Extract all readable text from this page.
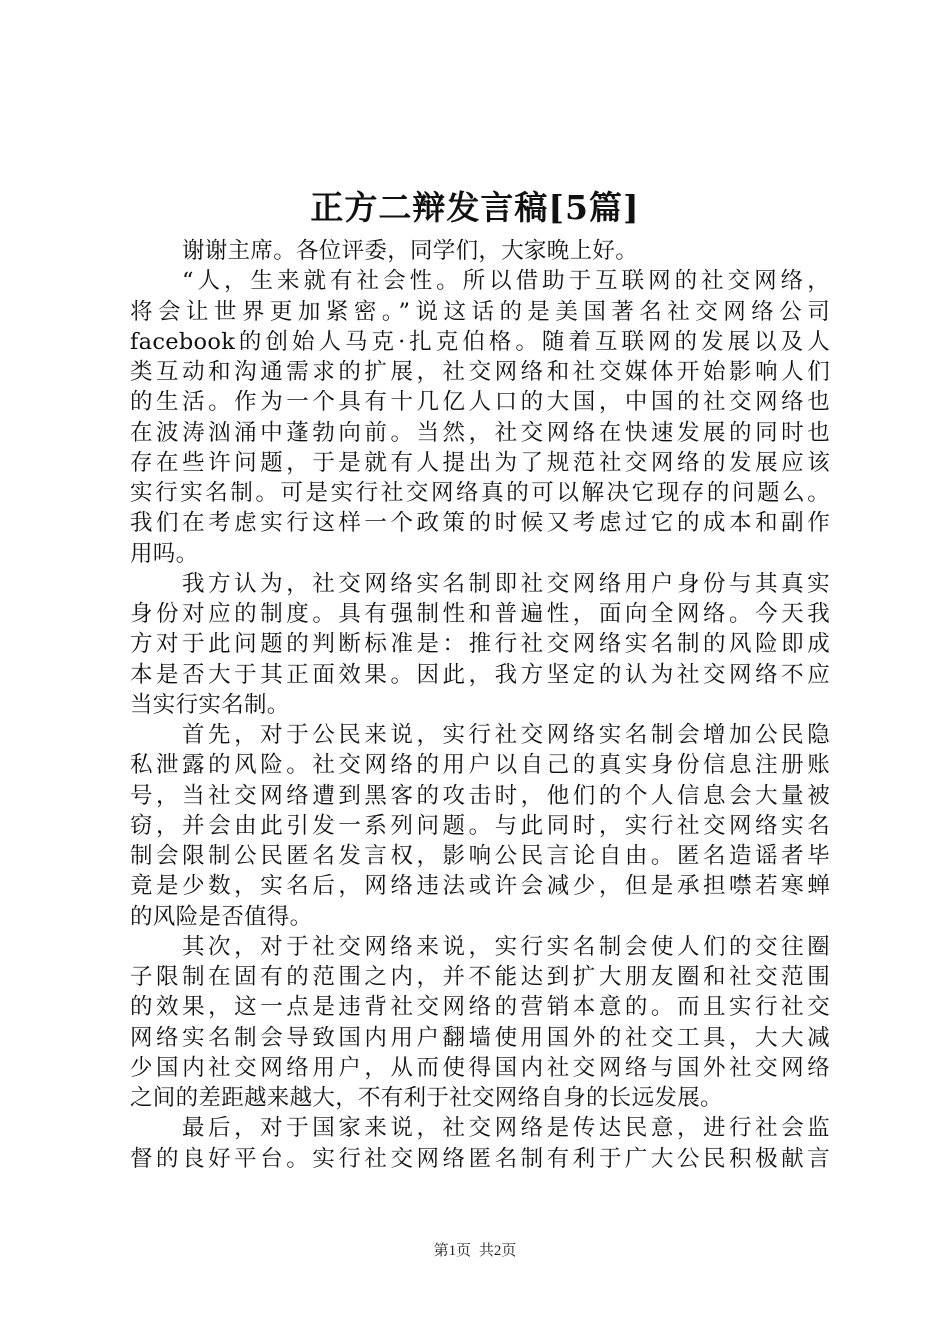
正方二辩发言稿[5篇]
谢谢主席。各位评委，同学们，大家晚上好。
“人，生来就有社会性。所以借助于互联网的社交网络，
将会让世界更加紧密。”说这话的是美国著名社交网络公司
facebook的创始人马克·扎克伯格。随着互联网的发展以及人
类互动和沟通需求的扩展，社交网络和社交媒体开始影响人们
的生活。作为一个具有十几亿人口的大国，中国的社交网络也
在波涛汹涌中蓬勃向前。当然，社交网络在快速发展的同时也
存在些许问题，于是就有人提出为了规范社交网络的发展应该
实行实名制。可是实行社交网络真的可以解决它现存的问题么。
我们在考虑实行这样一个政策的时候又考虑过它的成本和副作
用吗。
我方认为，社交网络实名制即社交网络用户身份与其真实
身份对应的制度。具有强制性和普遍性，面向全网络。今天我
方对于此问题的判断标准是：推行社交网络实名制的风险即成
本是否大于其正面效果。因此，我方坚定的认为社交网络不应
当实行实名制。
首先，对于公民来说，实行社交网络实名制会增加公民隐
私泄露的风险。社交网络的用户以自己的真实身份信息注册账
号，当社交网络遭到黑客的攻击时，他们的个人信息会大量被
窃，并会由此引发一系列问题。与此同时，实行社交网络实名
制会限制公民匿名发言权，影响公民言论自由。匿名造谣者毕
竟是少数，实名后，网络违法或许会减少，但是承担噤若寒蝉
的风险是否值得。
其次，对于社交网络来说，实行实名制会使人们的交往圈
子限制在固有的范围之内，并不能达到扩大朋友圈和社交范围
的效果，这一点是违背社交网络的营销本意的。而且实行社交
网络实名制会导致国内用户翻墙使用国外的社交工具，大大减
少国内社交网络用户，从而使得国内社交网络与国外社交网络
之间的差距越来越大，不有利于社交网络自身的长远发展。
最后，对于国家来说，社交网络是传达民意，进行社会监
督的良好平台。实行社交网络匿名制有利于广大公民积极献言
第1页 共2页
